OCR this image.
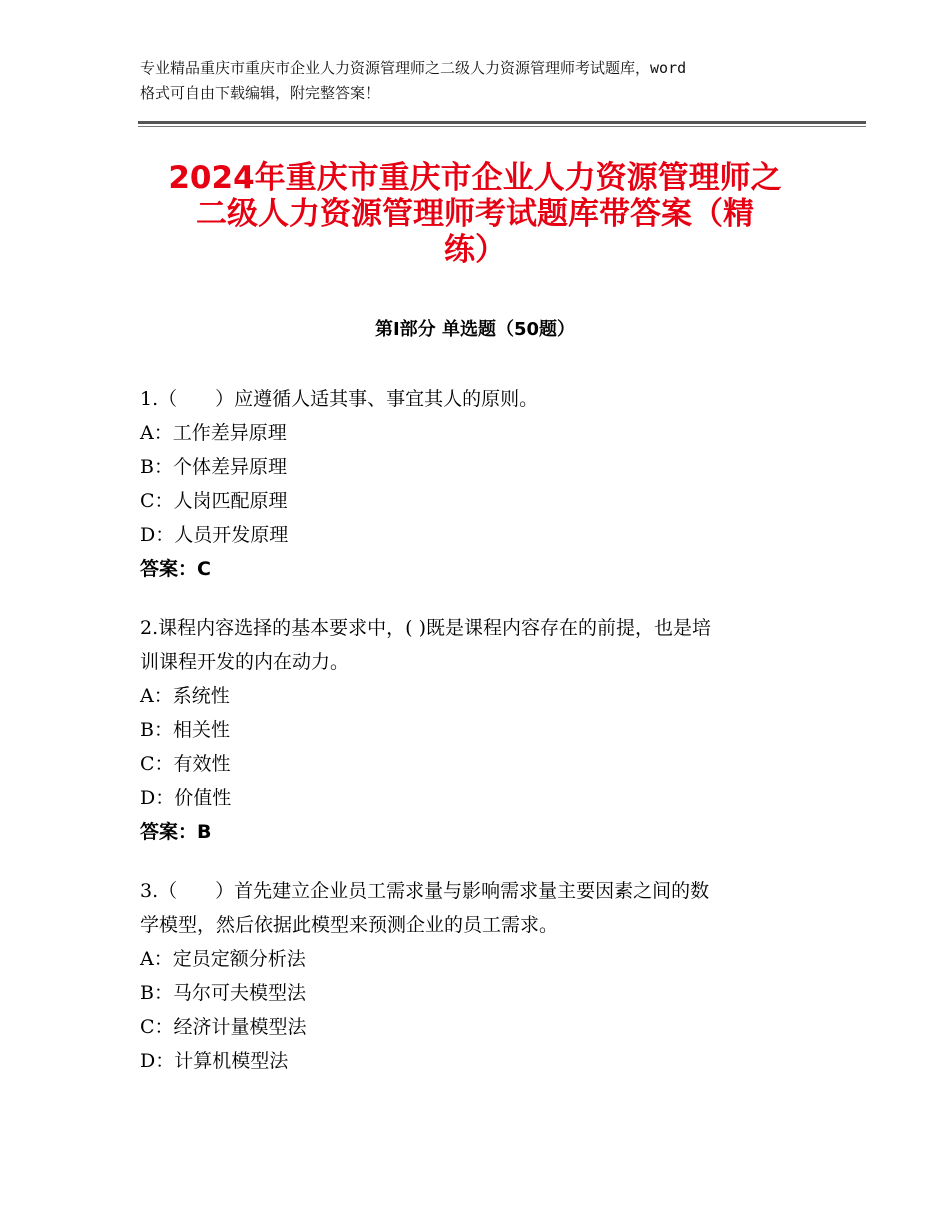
专业精品重庆市重庆市企业人力资源管理师之二级人力资源管理师考试题库，word
格式可自由下载编辑，附完整答案！
2024年重庆市重庆市企业人力资源管理师之
二级人力资源管理师考试题库带答案（精
练）
第Ⅰ部分 单选题（50题）
1.（　　）应遵循人适其事、事宜其人的原则。
A：工作差异原理
B：个体差异原理
C：人岗匹配原理
D：人员开发原理
答案：C
2.课程内容选择的基本要求中，( )既是课程内容存在的前提，也是培
训课程开发的内在动力。
A：系统性
B：相关性
C：有效性
D：价值性
答案：B
3.（　　）首先建立企业员工需求量与影响需求量主要因素之间的数
学模型，然后依据此模型来预测企业的员工需求。
A：定员定额分析法
B：马尔可夫模型法
C：经济计量模型法
D：计算机模型法
